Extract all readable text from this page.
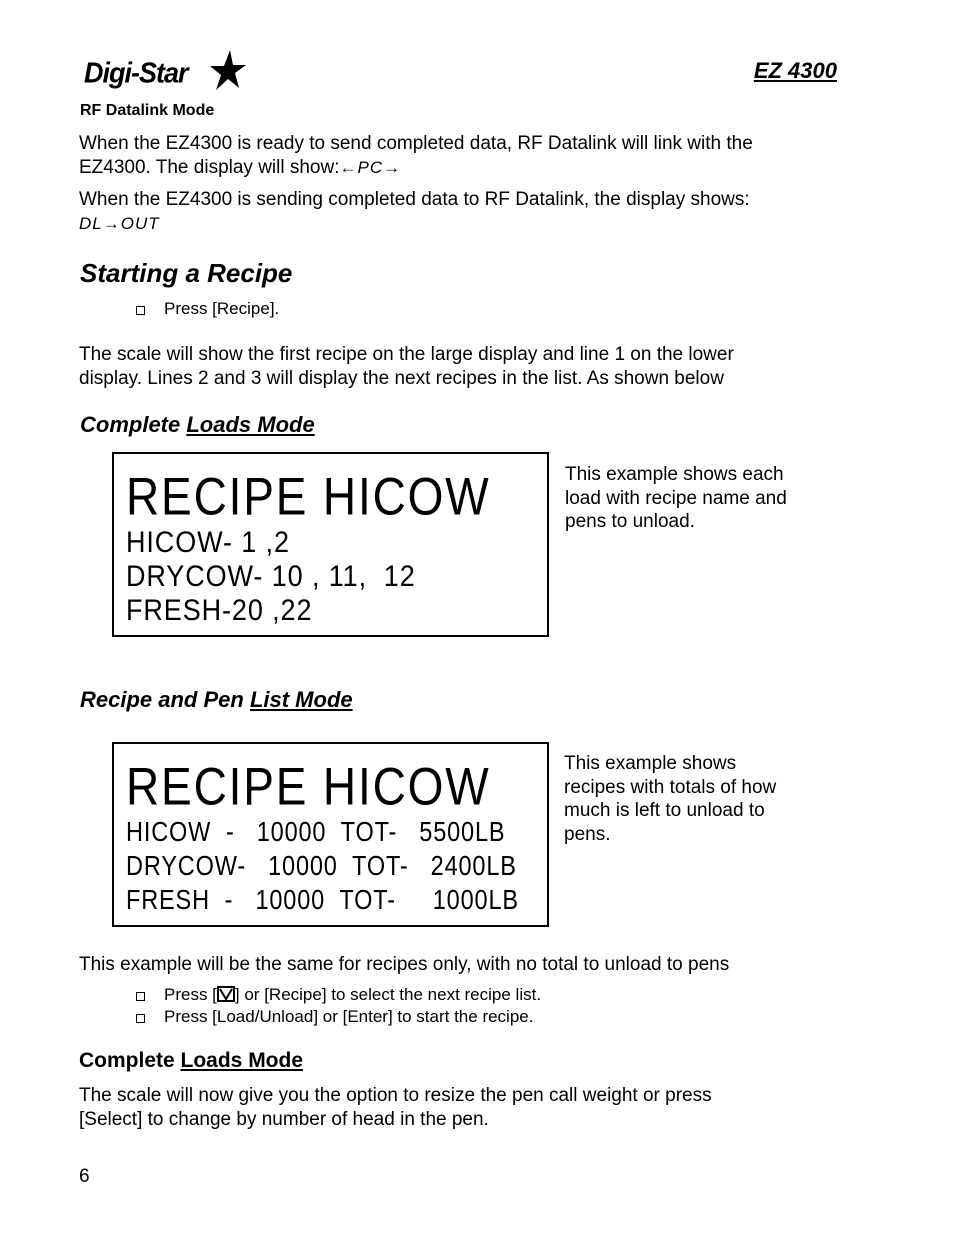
Digi-Star	EZ 4300
RF Datalink Mode
When the EZ4300 is ready to send completed data, RF Datalink will link with the
EZ4300. The display will show:←PC→
When the EZ4300 is sending completed data to RF Datalink, the display shows:
DL→OUT
Starting a Recipe
Press [Recipe].
The scale will show the first recipe on the large display and line 1 on the lower
display. Lines 2 and 3 will display the next recipes in the list. As shown below
Complete Loads Mode
RECIPE HICOW
HICOW- 1 ,2
DRYCOW- 10 , 11,  12
FRESH-20 ,22
This example shows each
load with recipe name and
pens to unload.
Recipe and Pen List Mode
RECIPE HICOW
HICOW  -   10000  TOT-   5500LB
DRYCOW-   10000  TOT-   2400LB
FRESH  -   10000  TOT-     1000LB
This example shows
recipes with totals of how
much is left to unload to
pens.
This example will be the same for recipes only, with no total to unload to pens
Press [ ] or [Recipe] to select the next recipe list.
Press [Load/Unload] or [Enter] to start the recipe.
Complete Loads Mode
The scale will now give you the option to resize the pen call weight or press
[Select] to change by number of head in the pen.
6
